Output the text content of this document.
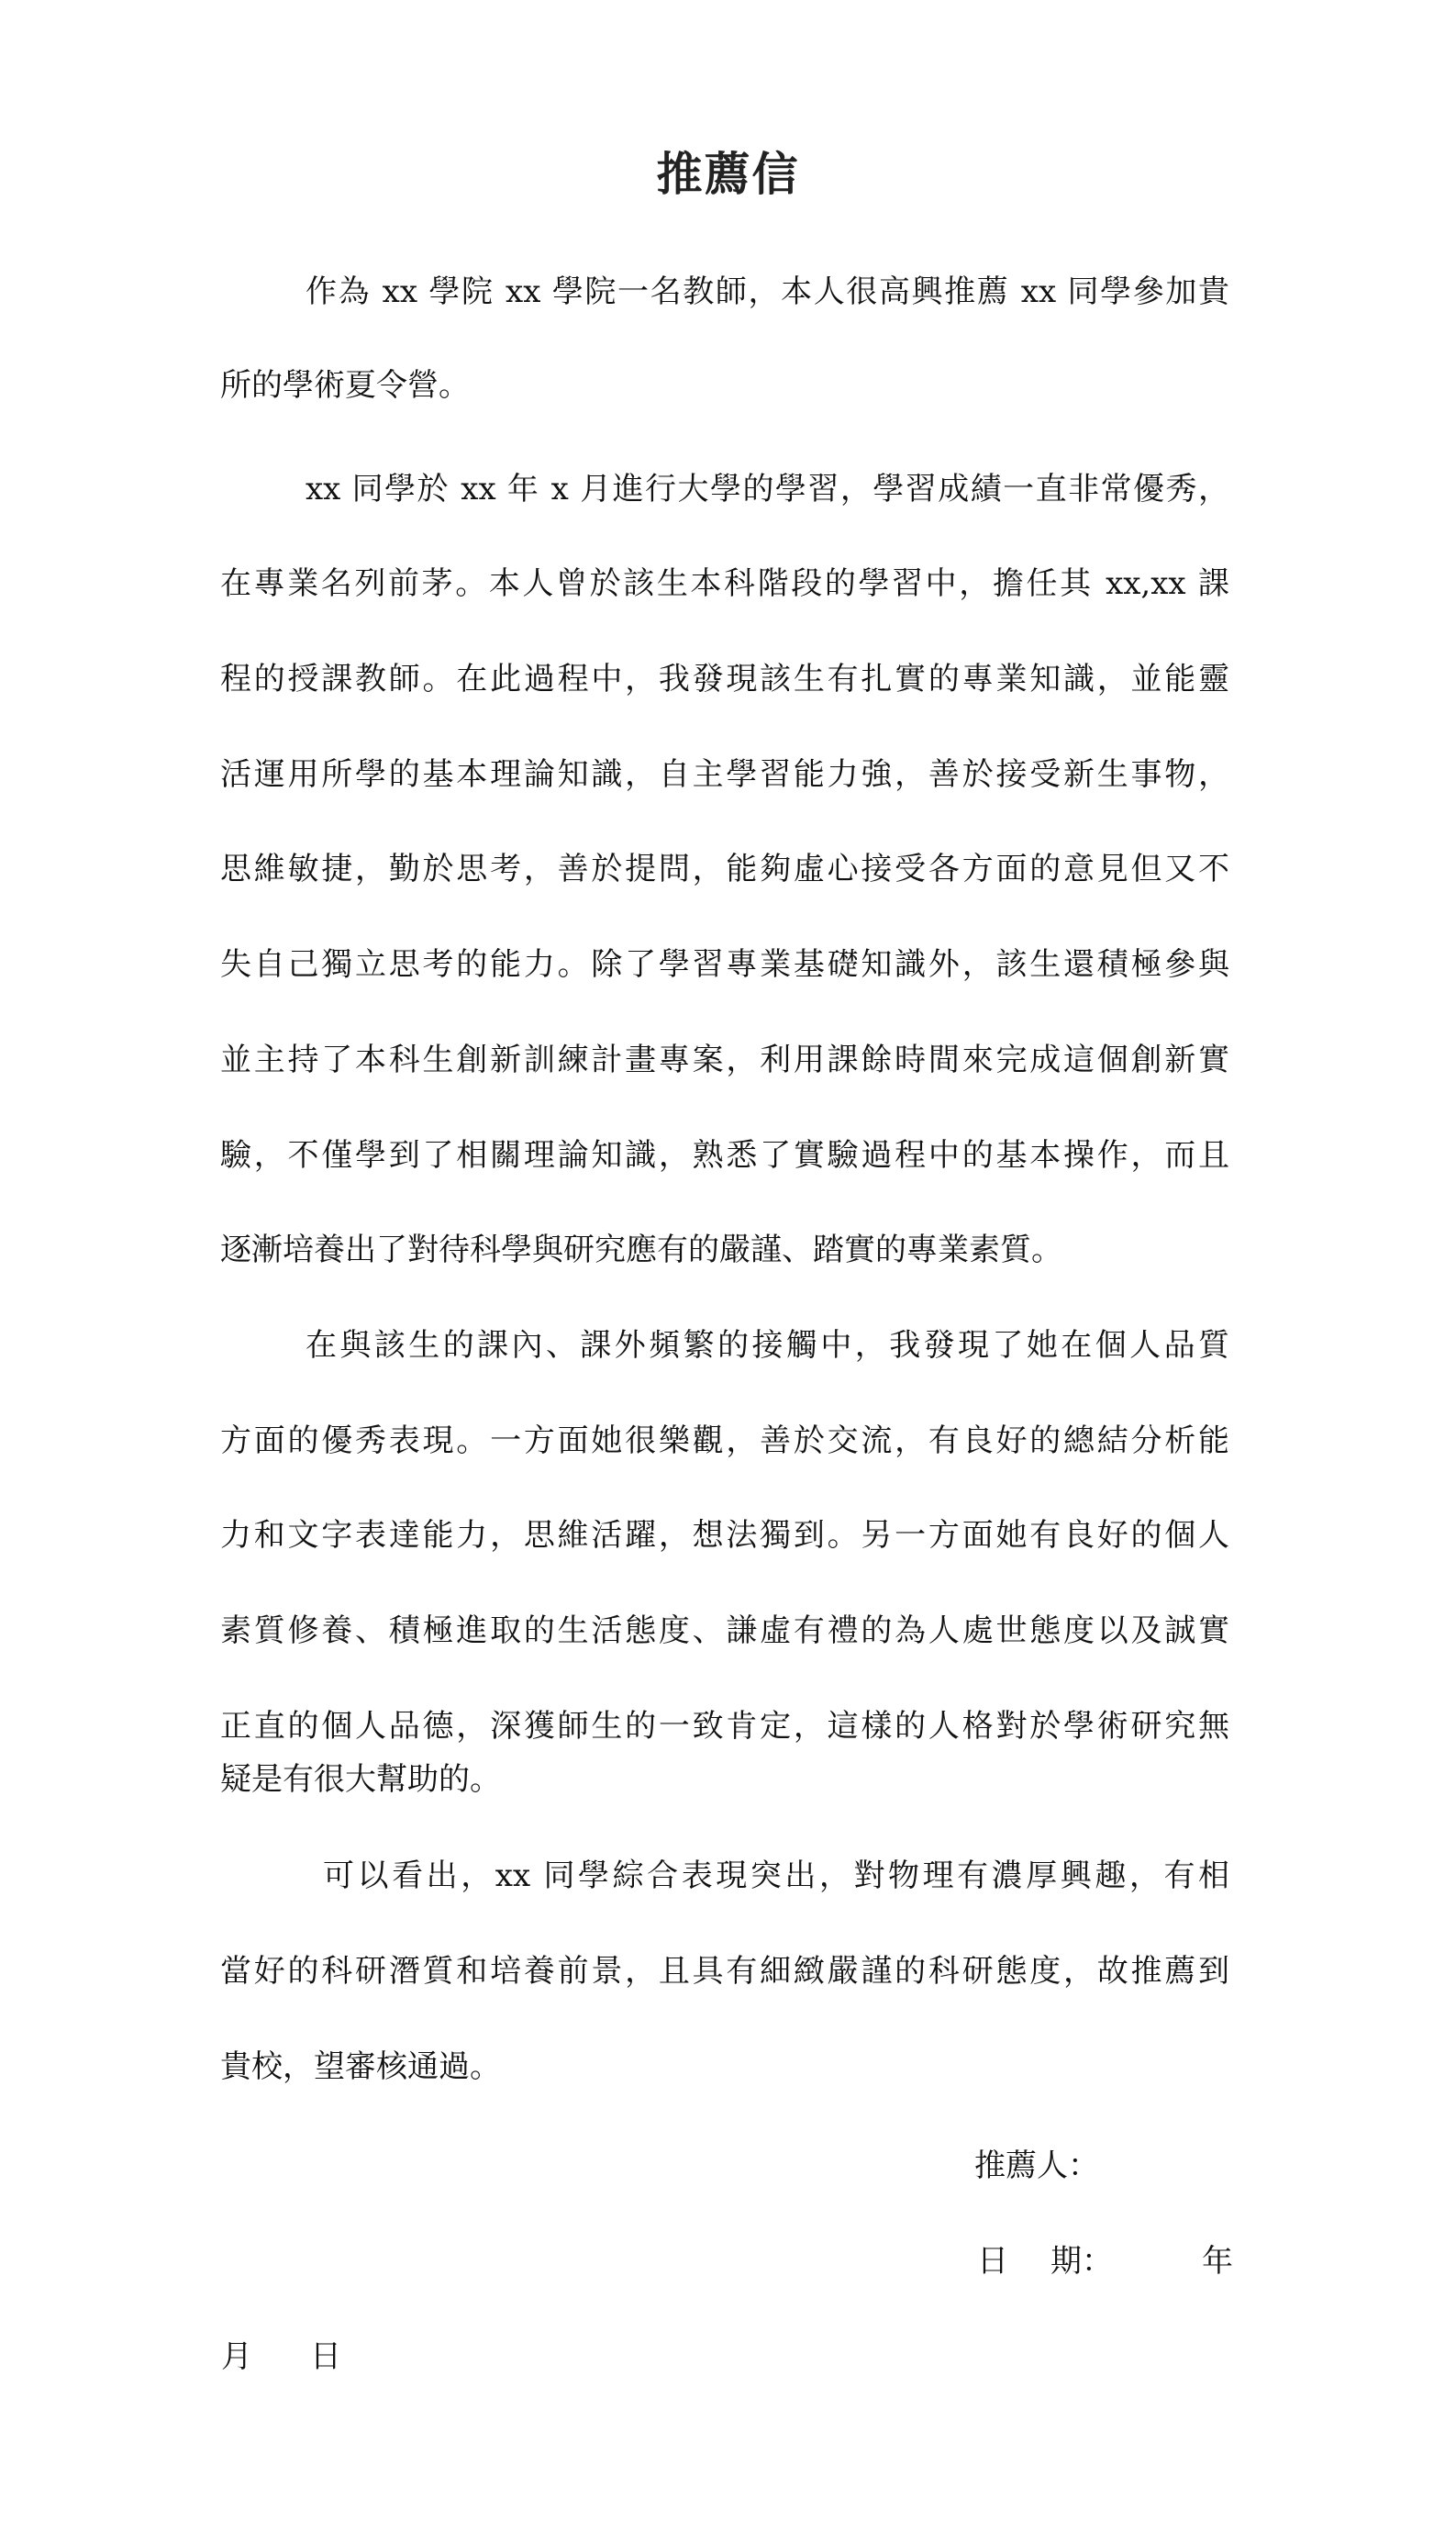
推薦信
作為 xx 學院 xx 學院一名教師，本人很高興推薦 xx 同學參加貴
所的學術夏令營。
xx 同學於 xx 年 x 月進行大學的學習，學習成績一直非常優秀，
在專業名列前茅。本人曾於該生本科階段的學習中，擔任其 xx,xx 課
程的授課教師。在此過程中，我發現該生有扎實的專業知識，並能靈
活運用所學的基本理論知識，自主學習能力強，善於接受新生事物，
思維敏捷，勤於思考，善於提問，能夠虛心接受各方面的意見但又不
失自己獨立思考的能力。除了學習專業基礎知識外，該生還積極參與
並主持了本科生創新訓練計畫專案，利用課餘時間來完成這個創新實
驗，不僅學到了相關理論知識，熟悉了實驗過程中的基本操作，而且
逐漸培養出了對待科學與研究應有的嚴謹、踏實的專業素質。
在與該生的課內、課外頻繁的接觸中，我發現了她在個人品質
方面的優秀表現。一方面她很樂觀，善於交流，有良好的總結分析能
力和文字表達能力，思維活躍，想法獨到。另一方面她有良好的個人
素質修養、積極進取的生活態度、謙虛有禮的為人處世態度以及誠實
正直的個人品德，深獲師生的一致肯定，這樣的人格對於學術研究無
疑是有很大幫助的。
可以看出，xx 同學綜合表現突出，對物理有濃厚興趣，有相
當好的科研潛質和培養前景，且具有細緻嚴謹的科研態度，故推薦到
貴校，望審核通過。
推薦人：
日 期：	年
月 日
